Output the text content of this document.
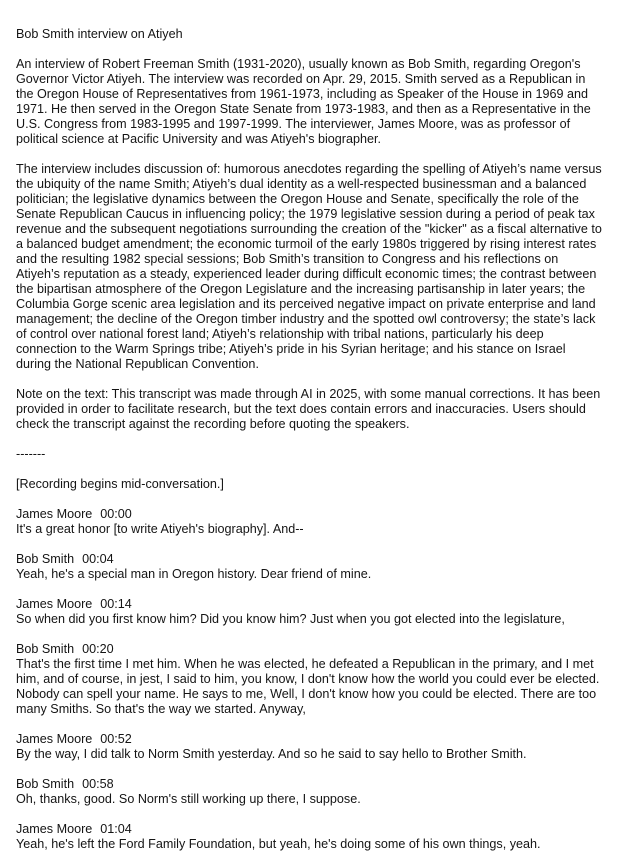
Bob Smith interview on Atiyeh

An interview of Robert Freeman Smith (1931-2020), usually known as Bob Smith, regarding Oregon's Governor Victor Atiyeh. The interview was recorded on Apr. 29, 2015. Smith served as a Republican in the Oregon House of Representatives from 1961-1973, including as Speaker of the House in 1969 and 1971. He then served in the Oregon State Senate from 1973-1983, and then as a Representative in the U.S. Congress from 1983-1995 and 1997-1999. The interviewer, James Moore, was as professor of political science at Pacific University and was Atiyeh's biographer.

The interview includes discussion of: humorous anecdotes regarding the spelling of Atiyeh’s name versus the ubiquity of the name Smith; Atiyeh’s dual identity as a well-respected businessman and a balanced politician; the legislative dynamics between the Oregon House and Senate, specifically the role of the Senate Republican Caucus in influencing policy; the 1979 legislative session during a period of peak tax revenue and the subsequent negotiations surrounding the creation of the "kicker" as a fiscal alternative to a balanced budget amendment; the economic turmoil of the early 1980s triggered by rising interest rates and the resulting 1982 special sessions; Bob Smith’s transition to Congress and his reflections on Atiyeh’s reputation as a steady, experienced leader during difficult economic times; the contrast between the bipartisan atmosphere of the Oregon Legislature and the increasing partisanship in later years; the Columbia Gorge scenic area legislation and its perceived negative impact on private enterprise and land management; the decline of the Oregon timber industry and the spotted owl controversy; the state’s lack of control over national forest land; Atiyeh’s relationship with tribal nations, particularly his deep connection to the Warm Springs tribe; Atiyeh’s pride in his Syrian heritage; and his stance on Israel during the National Republican Convention.

Note on the text: This transcript was made through AI in 2025, with some manual corrections. It has been provided in order to facilitate research, but the text does contain errors and inaccuracies. Users should check the transcript against the recording before quoting the speakers.

-------

[Recording begins mid-conversation.]

James Moore 00:00
It's a great honor [to write Atiyeh's biography]. And--
Bob Smith 00:04
Yeah, he's a special man in Oregon history. Dear friend of mine.
James Moore 00:14
So when did you first know him? Did you know him? Just when you got elected into the legislature,
Bob Smith 00:20
That's the first time I met him. When he was elected, he defeated a Republican in the primary, and I met him, and of course, in jest, I said to him, you know, I don't know how the world you could ever be elected. Nobody can spell your name. He says to me, Well, I don't know how you could be elected. There are too many Smiths. So that's the way we started. Anyway,
James Moore 00:52
By the way, I did talk to Norm Smith yesterday. And so he said to say hello to Brother Smith.
Bob Smith 00:58
Oh, thanks, good. So Norm's still working up there, I suppose.
James Moore 01:04
Yeah, he's left the Ford Family Foundation, but yeah, he's doing some of his own things, yeah.
